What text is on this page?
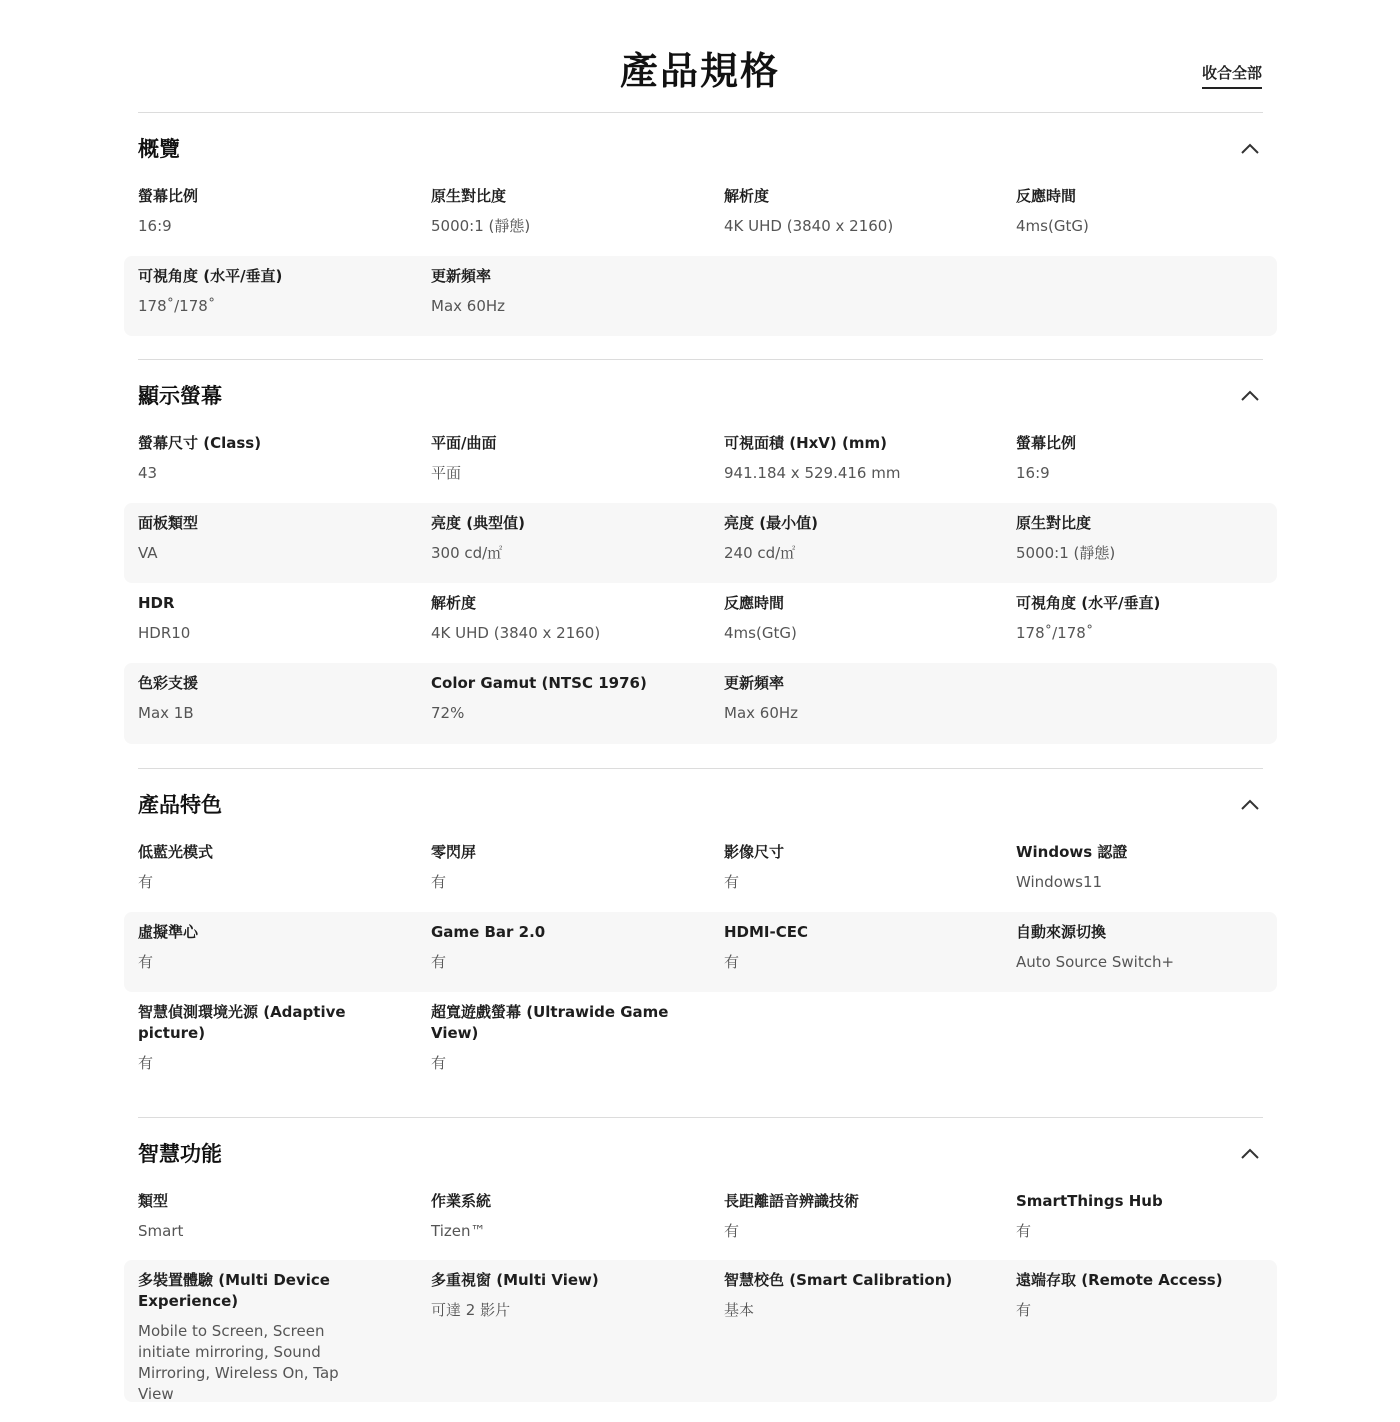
產品規格	收合全部
概覽
螢幕比例
16:9
原生對比度
5000:1 (靜態)
解析度
4K UHD (3840 x 2160)
反應時間
4ms(GtG)
可視角度 (水平/垂直)
178˚/178˚
更新頻率
Max 60Hz
顯示螢幕
螢幕尺寸 (Class)
43
平面/曲面
平面
可視面積 (HxV) (mm)
941.184 x 529.416 mm
螢幕比例
16:9
面板類型
VA
亮度 (典型值)
300 cd/㎡
亮度 (最小值)
240 cd/㎡
原生對比度
5000:1 (靜態)
HDR
HDR10
解析度
4K UHD (3840 x 2160)
反應時間
4ms(GtG)
可視角度 (水平/垂直)
178˚/178˚
色彩支援
Max 1B
Color Gamut (NTSC 1976)
72%
更新頻率
Max 60Hz
產品特色
低藍光模式
有
零閃屏
有
影像尺寸
有
Windows 認證
Windows11
虛擬準心
有
Game Bar 2.0
有
HDMI-CEC
有
自動來源切換
Auto Source Switch+
智慧偵測環境光源 (Adaptive picture)
有
超寬遊戲螢幕 (Ultrawide Game View)
有
智慧功能
類型
Smart
作業系統
Tizen™
長距離語音辨識技術
有
SmartThings Hub
有
多裝置體驗 (Multi Device Experience)
Mobile to Screen, Screen initiate mirroring, Sound Mirroring, Wireless On, Tap View
多重視窗 (Multi View)
可達 2 影片
智慧校色 (Smart Calibration)
基本
遠端存取 (Remote Access)
有
